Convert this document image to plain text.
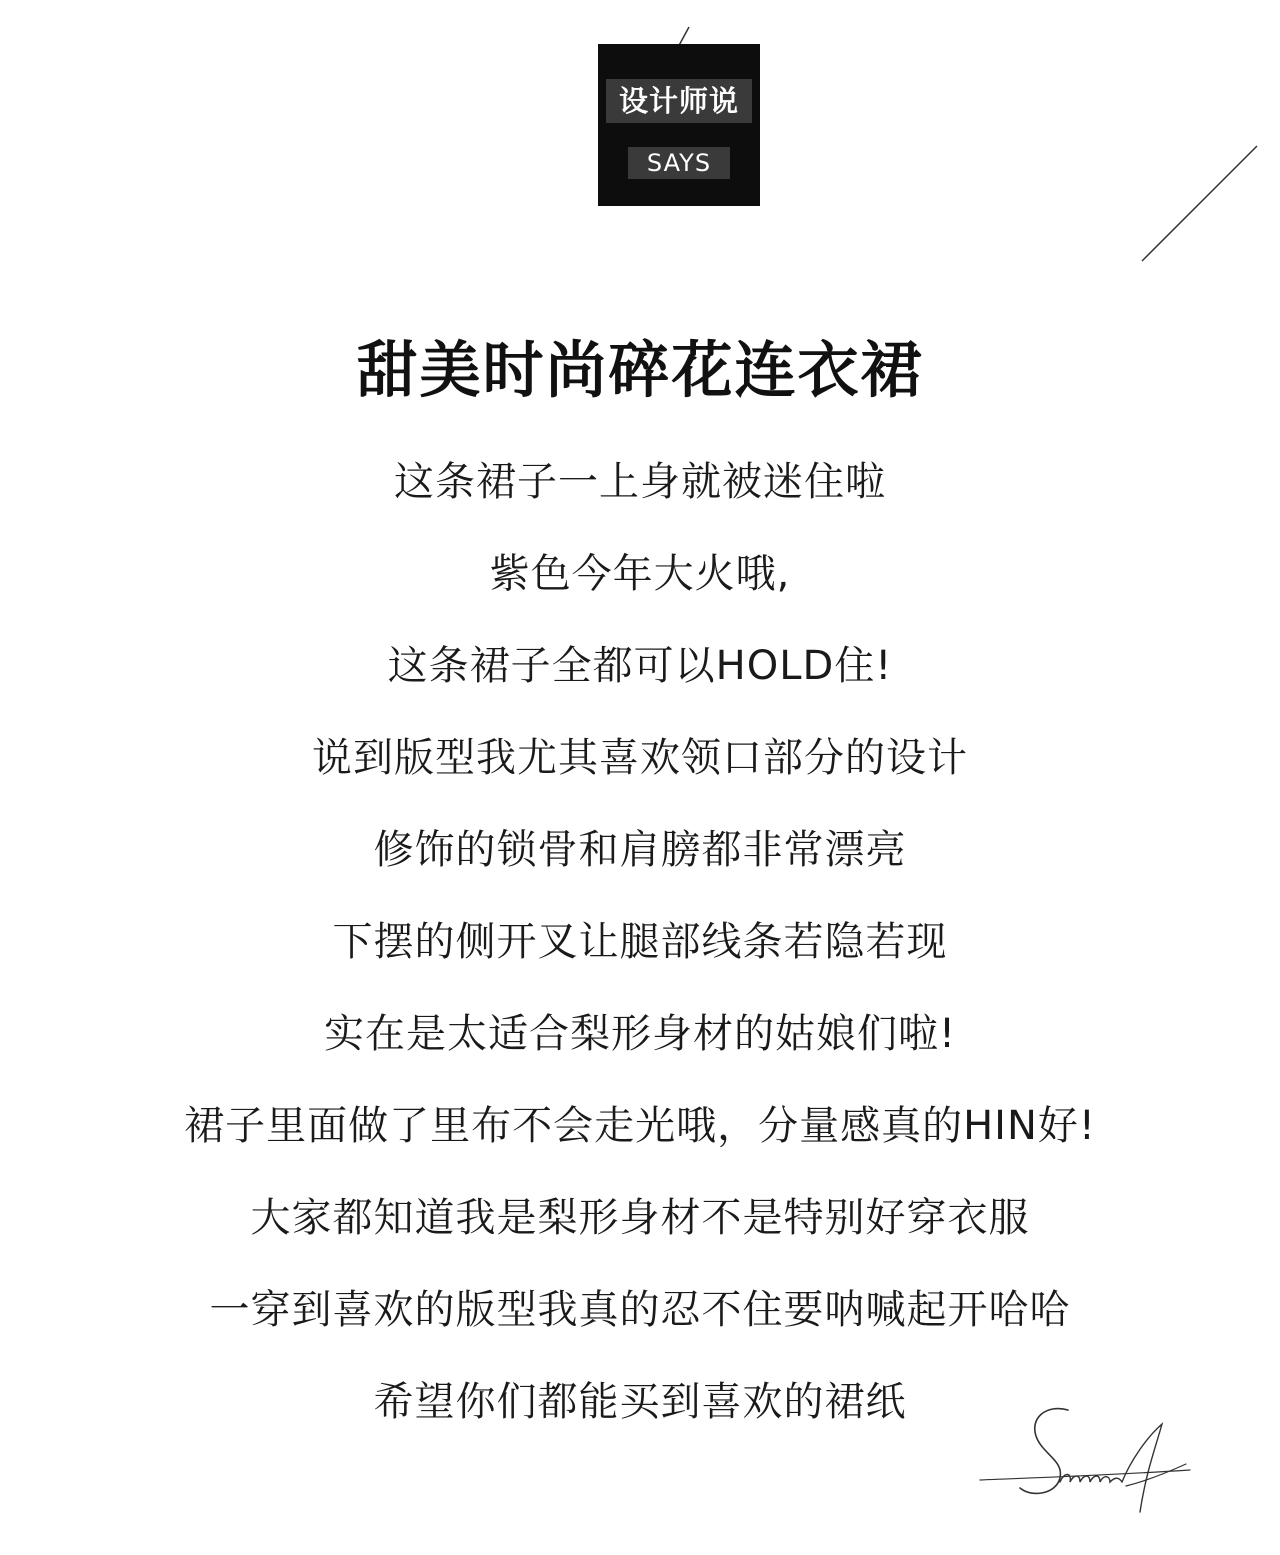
设计师说
SAYS
甜美时尚碎花连衣裙
这条裙子一上身就被迷住啦
紫色今年大火哦,
这条裙子全都可以HOLD住!
说到版型我尤其喜欢领口部分的设计
修饰的锁骨和肩膀都非常漂亮
下摆的侧开叉让腿部线条若隐若现
实在是太适合梨形身材的姑娘们啦!
裙子里面做了里布不会走光哦，分量感真的HIN好!
大家都知道我是梨形身材不是特别好穿衣服
一穿到喜欢的版型我真的忍不住要呐喊起开哈哈
希望你们都能买到喜欢的裙纸
